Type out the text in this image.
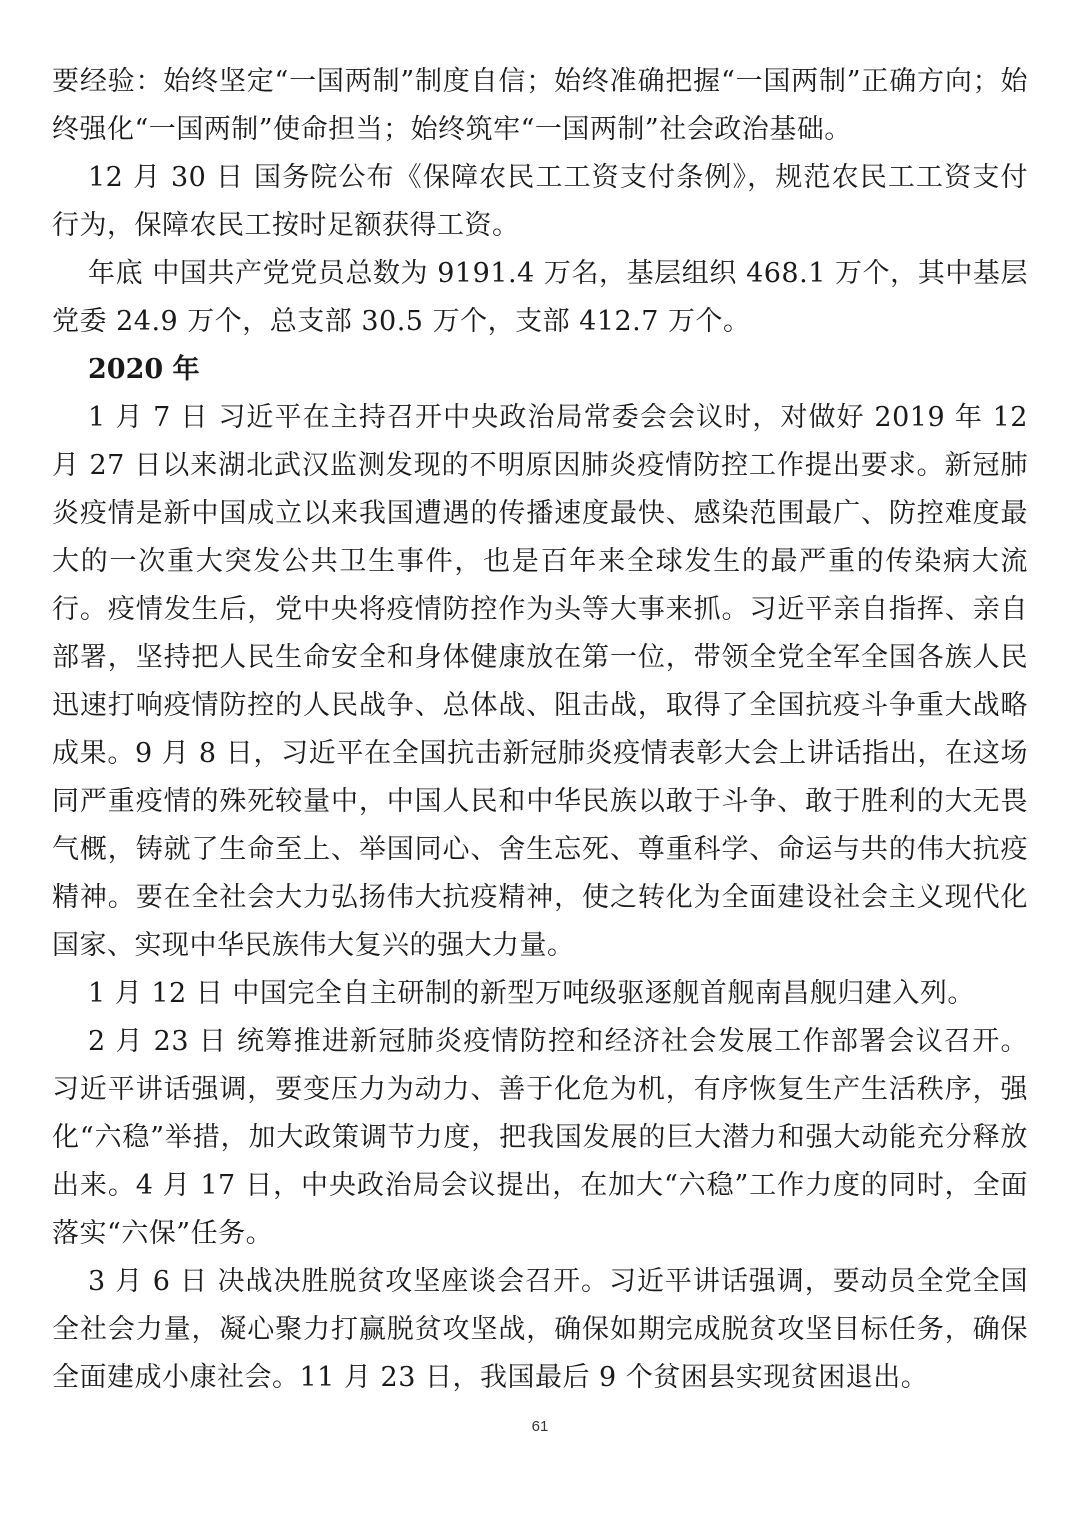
要经验：始终坚定“一国两制”制度自信；始终准确把握“一国两制”正确方向；始终强化“一国两制”使命担当；始终筑牢“一国两制”社会政治基础。

12 月 30 日 国务院公布《保障农民工工资支付条例》，规范农民工工资支付行为，保障农民工按时足额获得工资。

年底 中国共产党党员总数为 9191.4 万名，基层组织 468.1 万个，其中基层党委 24.9 万个，总支部 30.5 万个，支部 412.7 万个。

2020 年

1 月 7 日 习近平在主持召开中央政治局常委会会议时，对做好 2019 年 12 月 27 日以来湖北武汉监测发现的不明原因肺炎疫情防控工作提出要求。新冠肺炎疫情是新中国成立以来我国遭遇的传播速度最快、感染范围最广、防控难度最大的一次重大突发公共卫生事件，也是百年来全球发生的最严重的传染病大流行。疫情发生后，党中央将疫情防控作为头等大事来抓。习近平亲自指挥、亲自部署，坚持把人民生命安全和身体健康放在第一位，带领全党全军全国各族人民迅速打响疫情防控的人民战争、总体战、阻击战，取得了全国抗疫斗争重大战略成果。9 月 8 日，习近平在全国抗击新冠肺炎疫情表彰大会上讲话指出，在这场同严重疫情的殊死较量中，中国人民和中华民族以敢于斗争、敢于胜利的大无畏气概，铸就了生命至上、举国同心、舍生忘死、尊重科学、命运与共的伟大抗疫精神。要在全社会大力弘扬伟大抗疫精神，使之转化为全面建设社会主义现代化国家、实现中华民族伟大复兴的强大力量。

1 月 12 日 中国完全自主研制的新型万吨级驱逐舰首舰南昌舰归建入列。

2 月 23 日 统筹推进新冠肺炎疫情防控和经济社会发展工作部署会议召开。习近平讲话强调，要变压力为动力、善于化危为机，有序恢复生产生活秩序，强化“六稳”举措，加大政策调节力度，把我国发展的巨大潜力和强大动能充分释放出来。4 月 17 日，中央政治局会议提出，在加大“六稳”工作力度的同时，全面落实“六保”任务。

3 月 6 日 决战决胜脱贫攻坚座谈会召开。习近平讲话强调，要动员全党全国全社会力量，凝心聚力打赢脱贫攻坚战，确保如期完成脱贫攻坚目标任务，确保全面建成小康社会。11 月 23 日，我国最后 9 个贫困县实现贫困退出。

61
